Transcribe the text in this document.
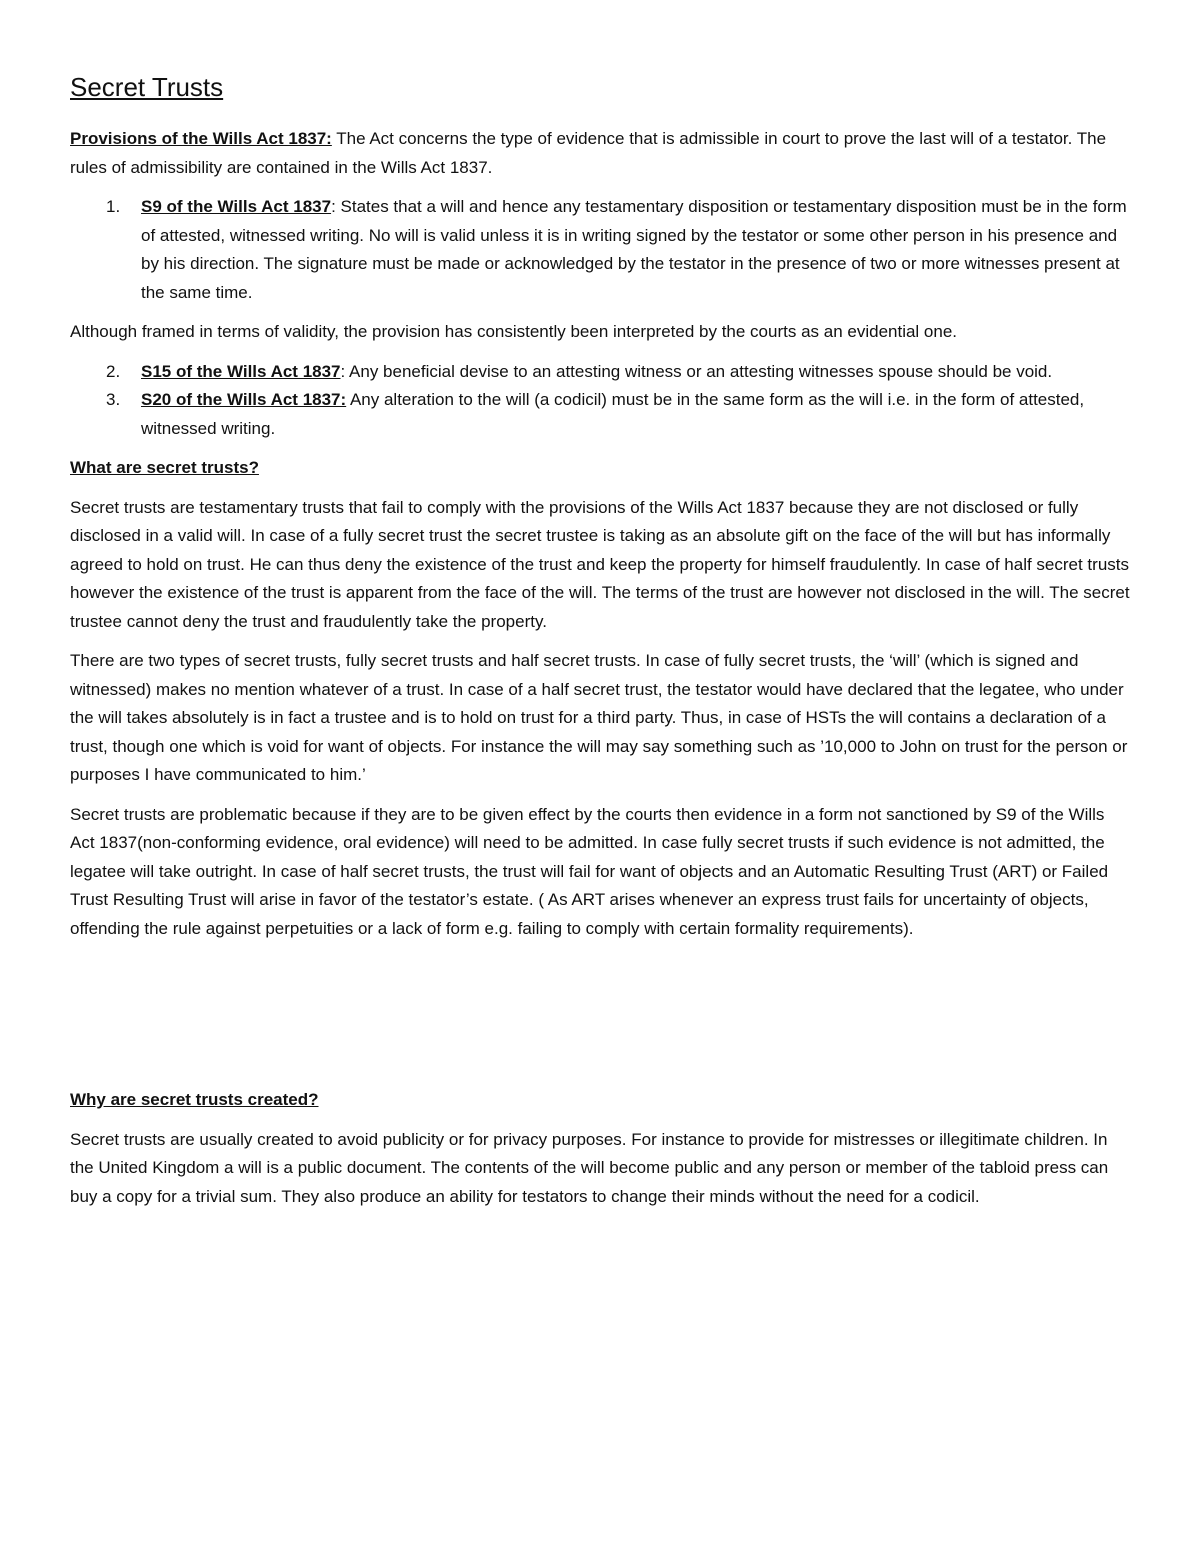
Secret Trusts

Provisions of the Wills Act 1837: The Act concerns the type of evidence that is admissible in court to prove the last will of a testator. The rules of admissibility are contained in the Wills Act 1837.

1. S9 of the Wills Act 1837: States that a will and hence any testamentary disposition or testamentary disposition must be in the form of attested, witnessed writing. No will is valid unless it is in writing signed by the testator or some other person in his presence and by his direction. The signature must be made or acknowledged by the testator in the presence of two or more witnesses present at the same time.

Although framed in terms of validity, the provision has consistently been interpreted by the courts as an evidential one.

2. S15 of the Wills Act 1837: Any beneficial devise to an attesting witness or an attesting witnesses spouse should be void.
3. S20 of the Wills Act 1837: Any alteration to the will (a codicil) must be in the same form as the will i.e. in the form of attested, witnessed writing.

What are secret trusts?

Secret trusts are testamentary trusts that fail to comply with the provisions of the Wills Act 1837 because they are not disclosed or fully disclosed in a valid will. In case of a fully secret trust the secret trustee is taking as an absolute gift on the face of the will but has informally agreed to hold on trust. He can thus deny the existence of the trust and keep the property for himself fraudulently. In case of half secret trusts however the existence of the trust is apparent from the face of the will. The terms of the trust are however not disclosed in the will. The secret trustee cannot deny the trust and fraudulently take the property.

There are two types of secret trusts, fully secret trusts and half secret trusts. In case of fully secret trusts, the ‘will’ (which is signed and witnessed) makes no mention whatever of a trust. In case of a half secret trust, the testator would have declared that the legatee, who under the will takes absolutely is in fact a trustee and is to hold on trust for a third party. Thus, in case of HSTs the will contains a declaration of a trust, though one which is void for want of objects. For instance the will may say something such as ’10,000 to John on trust for the person or purposes I have communicated to him.’

Secret trusts are problematic because if they are to be given effect by the courts then evidence in a form not sanctioned by S9 of the Wills Act 1837(non-conforming evidence, oral evidence) will need to be admitted. In case fully secret trusts if such evidence is not admitted, the legatee will take outright. In case of half secret trusts, the trust will fail for want of objects and an Automatic Resulting Trust (ART) or Failed Trust Resulting Trust will arise in favor of the testator’s estate. ( As ART arises whenever an express trust fails for uncertainty of objects, offending the rule against perpetuities or a lack of form e.g. failing to comply with certain formality requirements).

Why are secret trusts created?

Secret trusts are usually created to avoid publicity or for privacy purposes. For instance to provide for mistresses or illegitimate children. In the United Kingdom a will is a public document. The contents of the will become public and any person or member of the tabloid press can buy a copy for a trivial sum. They also produce an ability for testators to change their minds without the need for a codicil.
